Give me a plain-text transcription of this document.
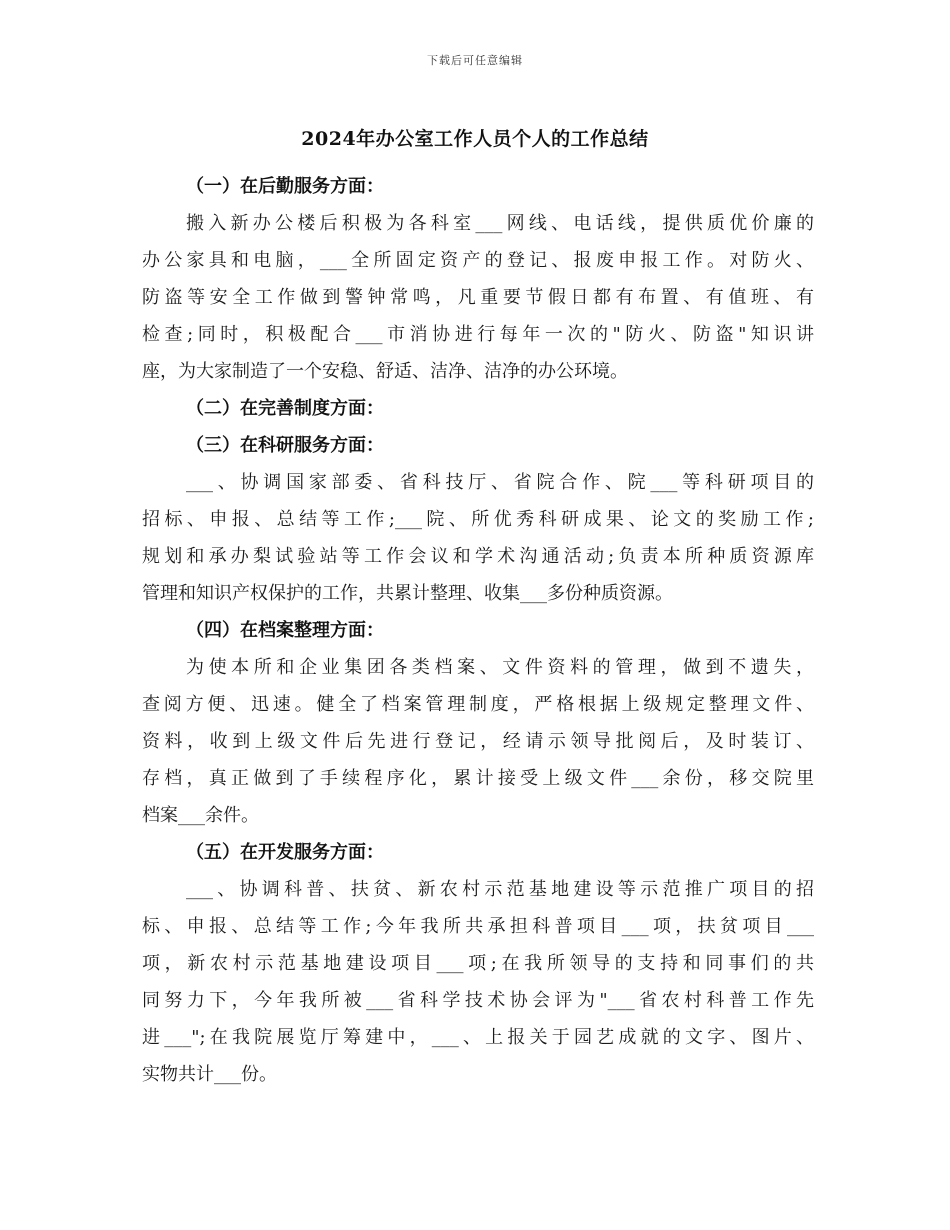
下载后可任意编辑
2024年办公室工作人员个人的工作总结
（一）在后勤服务方面：
搬入新办公楼后积极为各科室___网线、电话线，提供质优价廉的
办公家具和电脑，___全所固定资产的登记、报废申报工作。对防火、
防盗等安全工作做到警钟常鸣，凡重要节假日都有布置、有值班、有
检查;同时，积极配合___市消协进行每年一次的"防火、防盗"知识讲
座，为大家制造了一个安稳、舒适、洁净、洁净的办公环境。
（二）在完善制度方面：
（三）在科研服务方面：
___、协调国家部委、省科技厅、省院合作、院___等科研项目的
招标、申报、总结等工作;___院、所优秀科研成果、论文的奖励工作;
规划和承办梨试验站等工作会议和学术沟通活动;负责本所种质资源库
管理和知识产权保护的工作，共累计整理、收集___多份种质资源。
（四）在档案整理方面：
为使本所和企业集团各类档案、文件资料的管理，做到不遗失，
查阅方便、迅速。健全了档案管理制度，严格根据上级规定整理文件、
资料，收到上级文件后先进行登记，经请示领导批阅后，及时装订、
存档，真正做到了手续程序化，累计接受上级文件___余份，移交院里
档案___余件。
（五）在开发服务方面：
___、协调科普、扶贫、新农村示范基地建设等示范推广项目的招
标、申报、总结等工作;今年我所共承担科普项目___项，扶贫项目___
项，新农村示范基地建设项目___项;在我所领导的支持和同事们的共
同努力下，今年我所被___省科学技术协会评为"___省农村科普工作先
进___";在我院展览厅筹建中，___、上报关于园艺成就的文字、图片、
实物共计___份。
